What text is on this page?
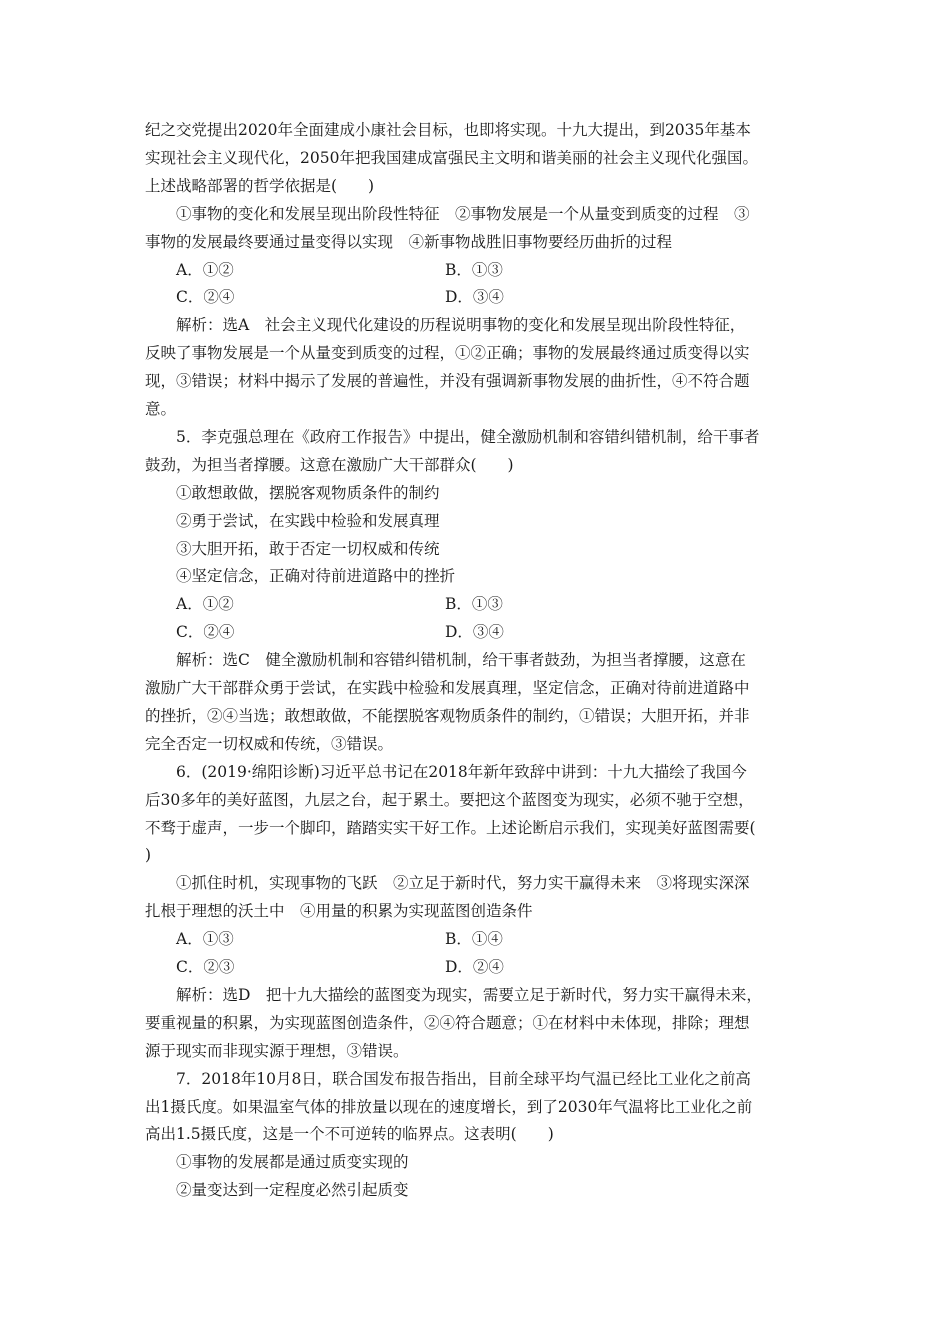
纪之交党提出2020年全面建成小康社会目标，也即将实现。十九大提出，到2035年基本
实现社会主义现代化，2050年把我国建成富强民主文明和谐美丽的社会主义现代化强国。
上述战略部署的哲学依据是(　　)
①事物的变化和发展呈现出阶段性特征　②事物发展是一个从量变到质变的过程　③
事物的发展最终要通过量变得以实现　④新事物战胜旧事物要经历曲折的过程
A．①②	B．①③
C．②④	D．③④
解析：选A　社会主义现代化建设的历程说明事物的变化和发展呈现出阶段性特征，
反映了事物发展是一个从量变到质变的过程，①②正确；事物的发展最终通过质变得以实
现，③错误；材料中揭示了发展的普遍性，并没有强调新事物发展的曲折性，④不符合题
意。
5．李克强总理在《政府工作报告》中提出，健全激励机制和容错纠错机制，给干事者
鼓劲，为担当者撑腰。这意在激励广大干部群众(　　)
①敢想敢做，摆脱客观物质条件的制约
②勇于尝试，在实践中检验和发展真理
③大胆开拓，敢于否定一切权威和传统
④坚定信念，正确对待前进道路中的挫折
A．①②	B．①③
C．②④	D．③④
解析：选C　健全激励机制和容错纠错机制，给干事者鼓劲，为担当者撑腰，这意在
激励广大干部群众勇于尝试，在实践中检验和发展真理，坚定信念，正确对待前进道路中
的挫折，②④当选；敢想敢做，不能摆脱客观物质条件的制约，①错误；大胆开拓，并非
完全否定一切权威和传统，③错误。
6．(2019·绵阳诊断)习近平总书记在2018年新年致辞中讲到：十九大描绘了我国今
后30多年的美好蓝图，九层之台，起于累土。要把这个蓝图变为现实，必须不驰于空想，
不骛于虚声，一步一个脚印，踏踏实实干好工作。上述论断启示我们，实现美好蓝图需要(
)
①抓住时机，实现事物的飞跃　②立足于新时代，努力实干赢得未来　③将现实深深
扎根于理想的沃土中　④用量的积累为实现蓝图创造条件
A．①③	B．①④
C．②③	D．②④
解析：选D　把十九大描绘的蓝图变为现实，需要立足于新时代，努力实干赢得未来，
要重视量的积累，为实现蓝图创造条件，②④符合题意；①在材料中未体现，排除；理想
源于现实而非现实源于理想，③错误。
7．2018年10月8日，联合国发布报告指出，目前全球平均气温已经比工业化之前高
出1摄氏度。如果温室气体的排放量以现在的速度增长，到了2030年气温将比工业化之前
高出1.5摄氏度，这是一个不可逆转的临界点。这表明(　　)
①事物的发展都是通过质变实现的
②量变达到一定程度必然引起质变
